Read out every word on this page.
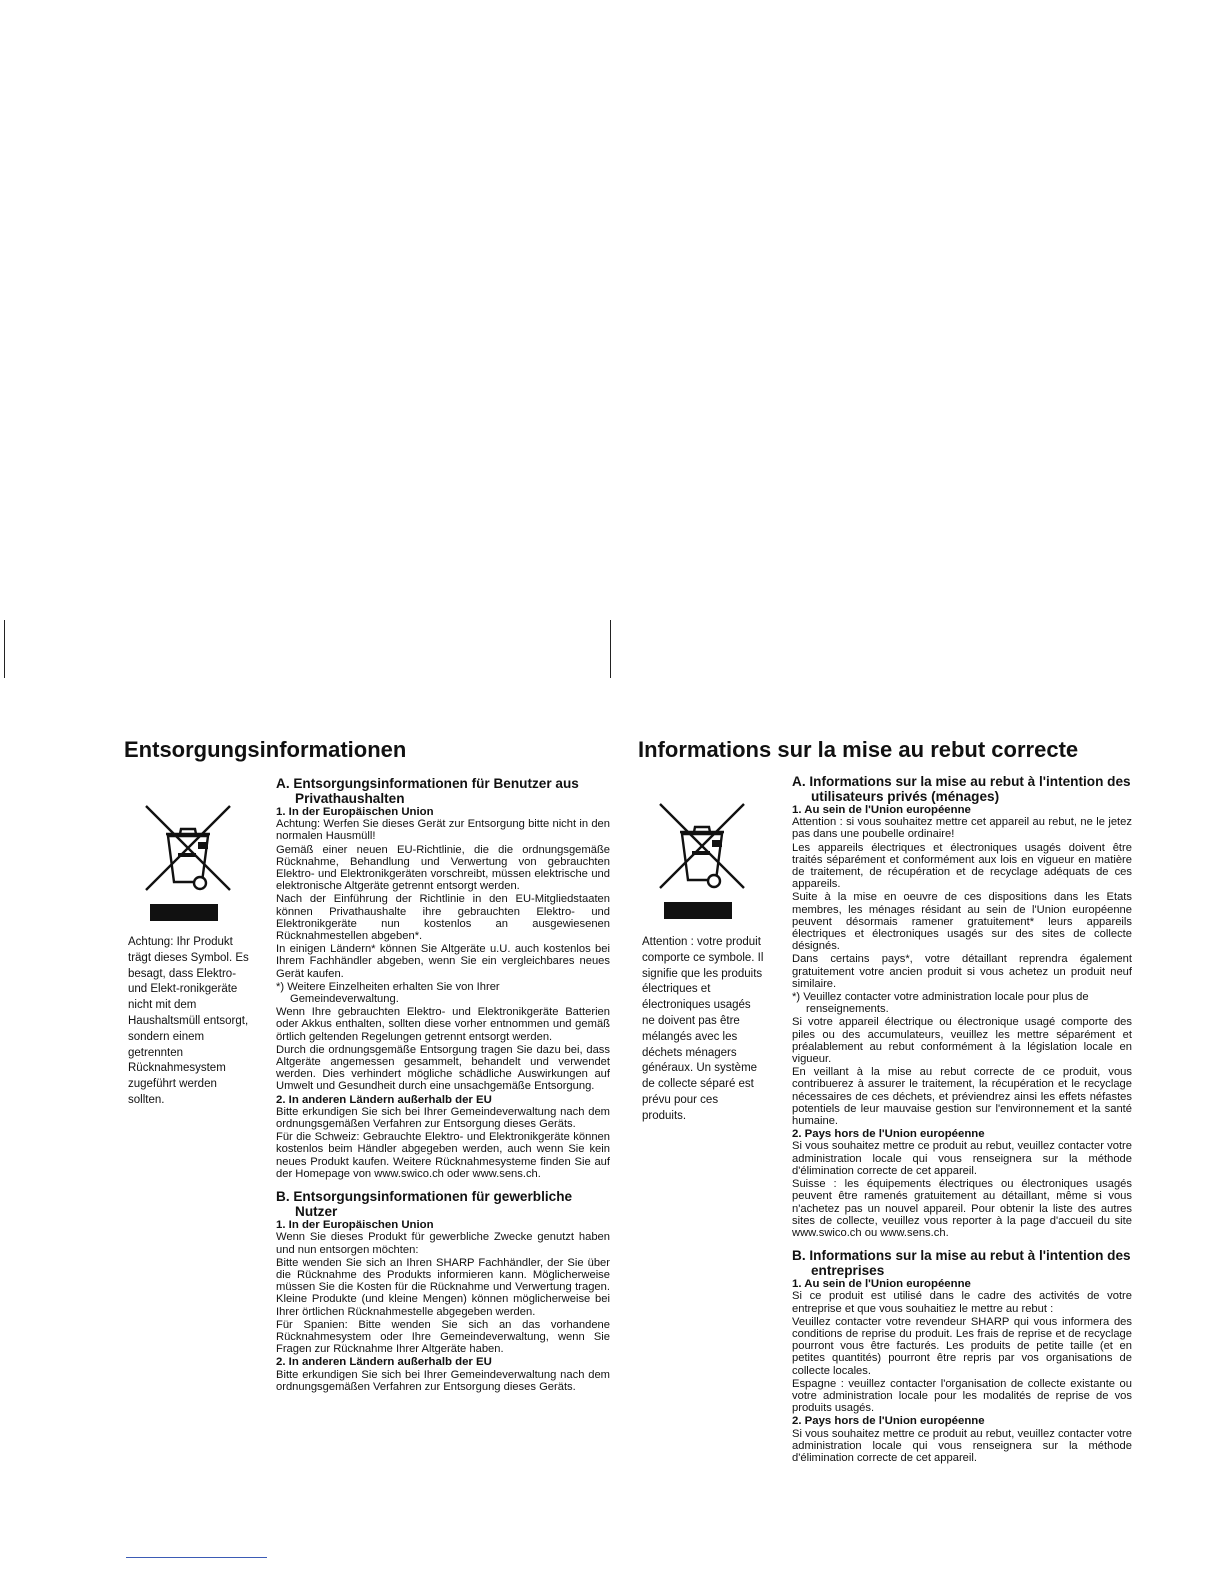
Entsorgungsinformationen
Achtung: Ihr Produkt trägt dieses Symbol. Es besagt, dass Elektro- und Elekt-ronikgeräte nicht mit dem Haushaltsmüll entsorgt, sondern einem getrennten Rücknahmesystem zugeführt werden sollten.
A. Entsorgungsinformationen für Benutzer aus Privathaushalten
1. In der Europäischen Union

Achtung: Werfen Sie dieses Gerät zur Entsorgung bitte nicht in den normalen Hausmüll!

Gemäß einer neuen EU-Richtlinie, die die ordnungsgemäße Rücknahme, Behandlung und Verwertung von gebrauchten Elektro- und Elektronikgeräten vorschreibt, müssen elektrische und elektronische Altgeräte getrennt entsorgt werden.

Nach der Einführung der Richtlinie in den EU-Mitgliedstaaten können Privathaushalte ihre gebrauchten Elektro- und Elektronikgeräte nun kostenlos an ausgewiesenen Rücknahmestellen abgeben*.

In einigen Ländern* können Sie Altgeräte u.U. auch kostenlos bei Ihrem Fachhändler abgeben, wenn Sie ein vergleichbares neues Gerät kaufen.

*) Weitere Einzelheiten erhalten Sie von Ihrer Gemeindeverwaltung.

Wenn Ihre gebrauchten Elektro- und Elektronikgeräte Batterien oder Akkus enthalten, sollten diese vorher entnommen und gemäß örtlich geltenden Regelungen getrennt entsorgt werden.

Durch die ordnungsgemäße Entsorgung tragen Sie dazu bei, dass Altgeräte angemessen gesammelt, behandelt und verwendet werden. Dies verhindert mögliche schädliche Auswirkungen auf Umwelt und Gesundheit durch eine unsachgemäße Entsorgung.

2. In anderen Ländern außerhalb der EU

Bitte erkundigen Sie sich bei Ihrer Gemeindeverwaltung nach dem ordnungsgemäßen Verfahren zur Entsorgung dieses Geräts.

Für die Schweiz: Gebrauchte Elektro- und Elektronikgeräte können kostenlos beim Händler abgegeben werden, auch wenn Sie kein neues Produkt kaufen. Weitere Rücknahmesysteme finden Sie auf der Homepage von www.swico.ch oder www.sens.ch.

B. Entsorgungsinformationen für gewerbliche Nutzer
1. In der Europäischen Union

Wenn Sie dieses Produkt für gewerbliche Zwecke genutzt haben und nun entsorgen möchten:

Bitte wenden Sie sich an Ihren SHARP Fachhändler, der Sie über die Rücknahme des Produkts informieren kann. Möglicherweise müssen Sie die Kosten für die Rücknahme und Verwertung tragen. Kleine Produkte (und kleine Mengen) können möglicherweise bei Ihrer örtlichen Rücknahmestelle abgegeben werden.

Für Spanien: Bitte wenden Sie sich an das vorhandene Rücknahmesystem oder Ihre Gemeindeverwaltung, wenn Sie Fragen zur Rücknahme Ihrer Altgeräte haben.

2. In anderen Ländern außerhalb der EU

Bitte erkundigen Sie sich bei Ihrer Gemeindeverwaltung nach dem ordnungsgemäßen Verfahren zur Entsorgung dieses Geräts.

Informations sur la mise au rebut correcte
Attention : votre produit comporte ce symbole. Il signifie que les produits électriques et électroniques usagés ne doivent pas être mélangés avec les déchets ménagers généraux. Un système de collecte séparé est prévu pour ces produits.
A. Informations sur la mise au rebut à l'intention des utilisateurs privés (ménages)
1. Au sein de l'Union européenne

Attention : si vous souhaitez mettre cet appareil au rebut, ne le jetez pas dans une poubelle ordinaire!

Les appareils électriques et électroniques usagés doivent être traités séparément et conformément aux lois en vigueur en matière de traitement, de récupération et de recyclage adéquats de ces appareils.

Suite à la mise en oeuvre de ces dispositions dans les Etats membres, les ménages résidant au sein de l'Union européenne peuvent désormais ramener gratuitement* leurs appareils électriques et électroniques usagés sur des sites de collecte désignés.

Dans certains pays*, votre détaillant reprendra également gratuitement votre ancien produit si vous achetez un produit neuf similaire.

*) Veuillez contacter votre administration locale pour plus de renseignements.

Si votre appareil électrique ou électronique usagé comporte des piles ou des accumulateurs, veuillez les mettre séparément et préalablement au rebut conformément à la législation locale en vigueur.

En veillant à la mise au rebut correcte de ce produit, vous contribuerez à assurer le traitement, la récupération et le recyclage nécessaires de ces déchets, et préviendrez ainsi les effets néfastes potentiels de leur mauvaise gestion sur l'environnement et la santé humaine.

2. Pays hors de l'Union européenne

Si vous souhaitez mettre ce produit au rebut, veuillez contacter votre administration locale qui vous renseignera sur la méthode d'élimination correcte de cet appareil.

Suisse : les équipements électriques ou électroniques usagés peuvent être ramenés gratuitement au détaillant, même si vous n'achetez pas un nouvel appareil. Pour obtenir la liste des autres sites de collecte, veuillez vous reporter à la page d'accueil du site www.swico.ch ou www.sens.ch.

B. Informations sur la mise au rebut à l'intention des entreprises
1. Au sein de l'Union européenne

Si ce produit est utilisé dans le cadre des activités de votre entreprise et que vous souhaitiez le mettre au rebut :

Veuillez contacter votre revendeur SHARP qui vous informera des conditions de reprise du produit. Les frais de reprise et de recyclage pourront vous être facturés. Les produits de petite taille (et en petites quantités) pourront être repris par vos organisations de collecte locales.

Espagne : veuillez contacter l'organisation de collecte existante ou votre administration locale pour les modalités de reprise de vos produits usagés.

2. Pays hors de l'Union européenne

Si vous souhaitez mettre ce produit au rebut, veuillez contacter votre administration locale qui vous renseignera sur la méthode d'élimination correcte de cet appareil.
